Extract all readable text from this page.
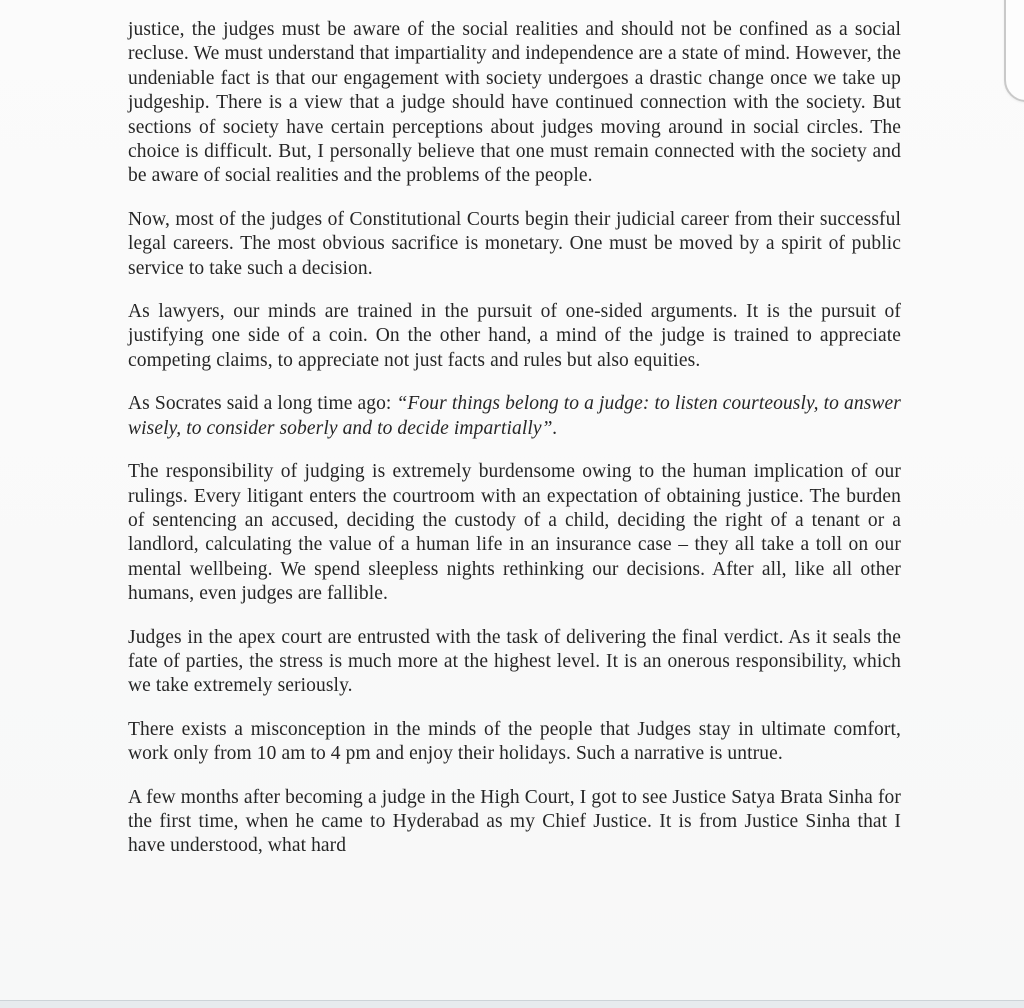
justice, the judges must be aware of the social realities and should not be confined as a social recluse. We must understand that impartiality and independence are a state of mind. However, the undeniable fact is that our engagement with society undergoes a drastic change once we take up judgeship. There is a view that a judge should have continued connection with the society. But sections of society have certain perceptions about judges moving around in social circles. The choice is difficult. But, I personally believe that one must remain connected with the society and be aware of social realities and the problems of the people.

Now, most of the judges of Constitutional Courts begin their judicial career from their successful legal careers. The most obvious sacrifice is monetary. One must be moved by a spirit of public service to take such a decision.

As lawyers, our minds are trained in the pursuit of one-sided arguments. It is the pursuit of justifying one side of a coin. On the other hand, a mind of the judge is trained to appreciate competing claims, to appreciate not just facts and rules but also equities.

As Socrates said a long time ago: “Four things belong to a judge: to listen courteously, to answer wisely, to consider soberly and to decide impartially”.

The responsibility of judging is extremely burdensome owing to the human implication of our rulings. Every litigant enters the courtroom with an expectation of obtaining justice. The burden of sentencing an accused, deciding the custody of a child, deciding the right of a tenant or a landlord, calculating the value of a human life in an insurance case – they all take a toll on our mental wellbeing. We spend sleepless nights rethinking our decisions. After all, like all other humans, even judges are fallible.

Judges in the apex court are entrusted with the task of delivering the final verdict. As it seals the fate of parties, the stress is much more at the highest level. It is an onerous responsibility, which we take extremely seriously.

There exists a misconception in the minds of the people that Judges stay in ultimate comfort, work only from 10 am to 4 pm and enjoy their holidays. Such a narrative is untrue.

A few months after becoming a judge in the High Court, I got to see Justice Satya Brata Sinha for the first time, when he came to Hyderabad as my Chief Justice. It is from Justice Sinha that I have understood, what hard
